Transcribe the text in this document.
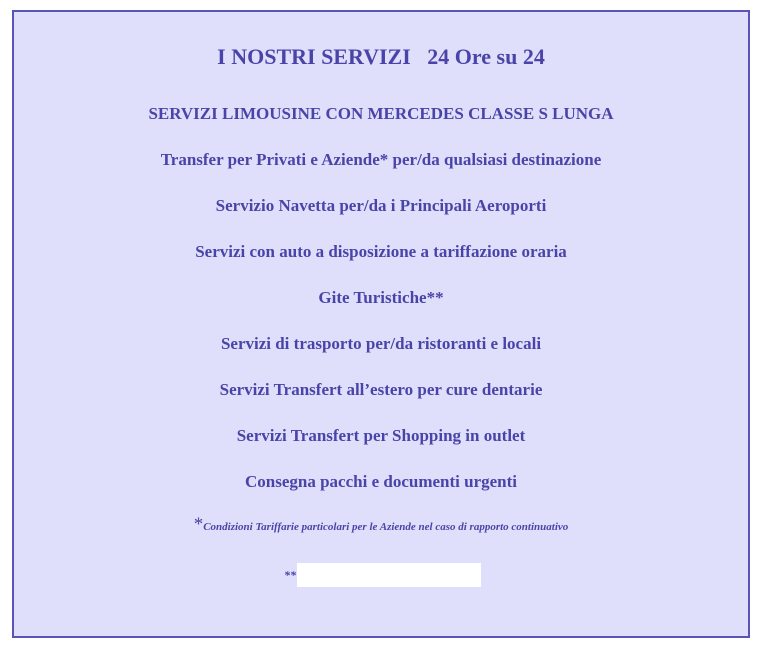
I NOSTRI SERVIZI   24 Ore su 24
SERVIZI LIMOUSINE CON MERCEDES CLASSE S LUNGA
Transfer per Privati e Aziende* per/da qualsiasi destinazione
Servizio Navetta per/da i Principali Aeroporti
Servizi con auto a disposizione a tariffazione oraria
Gite Turistiche**
Servizi di trasporto per/da ristoranti e locali
Servizi Transfert all’estero per cure dentarie
Servizi Transfert per Shopping in outlet
Consegna pacchi e documenti urgenti
*Condizioni Tariffarie particolari per le Aziende nel caso di rapporto continuativo
**
